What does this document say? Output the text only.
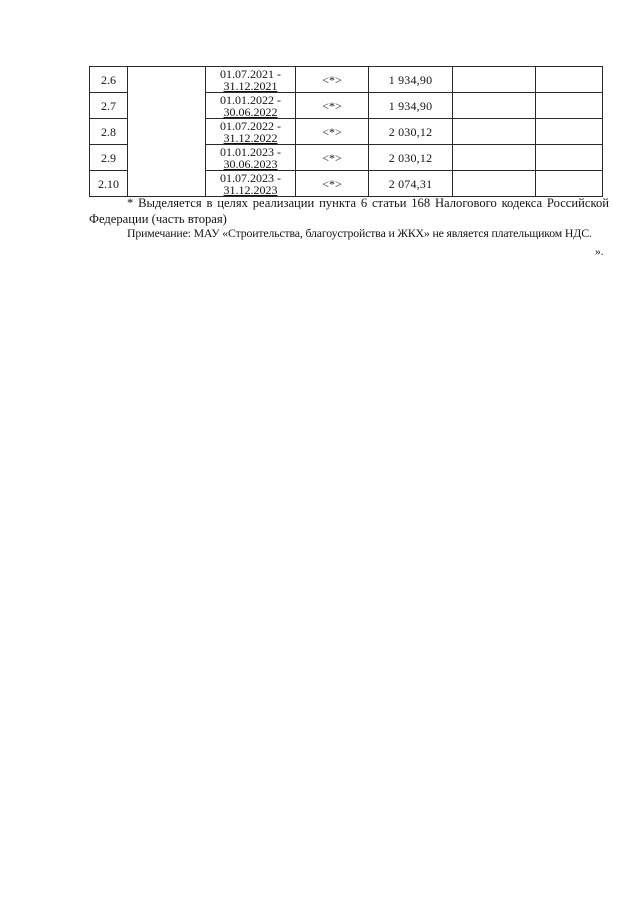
2.6		01.07.2021 -
31.12.2021	<*>	1 934,90		
2.7		01.01.2022 -
30.06.2022	<*>	1 934,90		
2.8		01.07.2022 -
31.12.2022	<*>	2 030,12		
2.9		01.01.2023 -
30.06.2023	<*>	2 030,12		
2.10		01.07.2023 -
31.12.2023	<*>	2 074,31		
* Выделяется в целях реализации пункта 6 статьи 168 Налогового кодекса Российской
Федерации (часть вторая)
Примечание: МАУ «Строительства, благоустройства и ЖКХ» не является плательщиком НДС.
».
